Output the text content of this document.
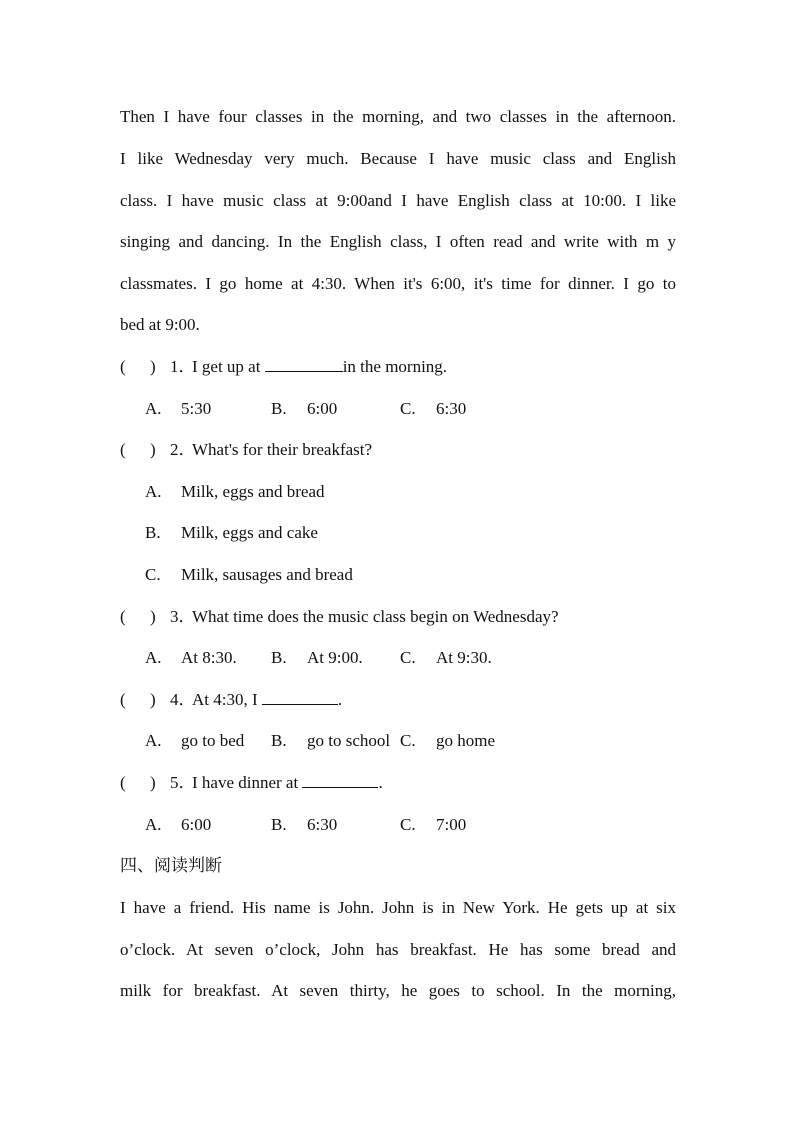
Then I have four classes in the morning, and two classes in the afternoon.
I like Wednesday very much. Because I have music class and English
class. I have music class at 9:00and I have English class at 10:00. I like
singing and dancing. In the English class, I often read and write with m y
classmates. I go home at 4:30. When it's 6:00, it's time for dinner. I go to
bed at 9:00.
( ) 1．I get up at	in the morning.
A. 5:30	B. 6:00	C. 6:30
( ) 2．What's for their breakfast?
A. Milk, eggs and bread
B. Milk, eggs and cake
C. Milk, sausages and bread
( ) 3．What time does the music class begin on Wednesday?
A. At 8:30. B. At 9:00. C. At 9:30.
( ) 4．At 4:30, I	.
A. go to bed B. go to school C. go home
( ) 5．I have dinner at	.
A. 6:00	B. 6:30	C. 7:00
四、阅读判断
I have a friend. His name is John. John is in New York. He gets up at six
o’clock. At seven o’clock, John has breakfast. He has some bread and
milk for breakfast. At seven thirty, he goes to school. In the morning,
